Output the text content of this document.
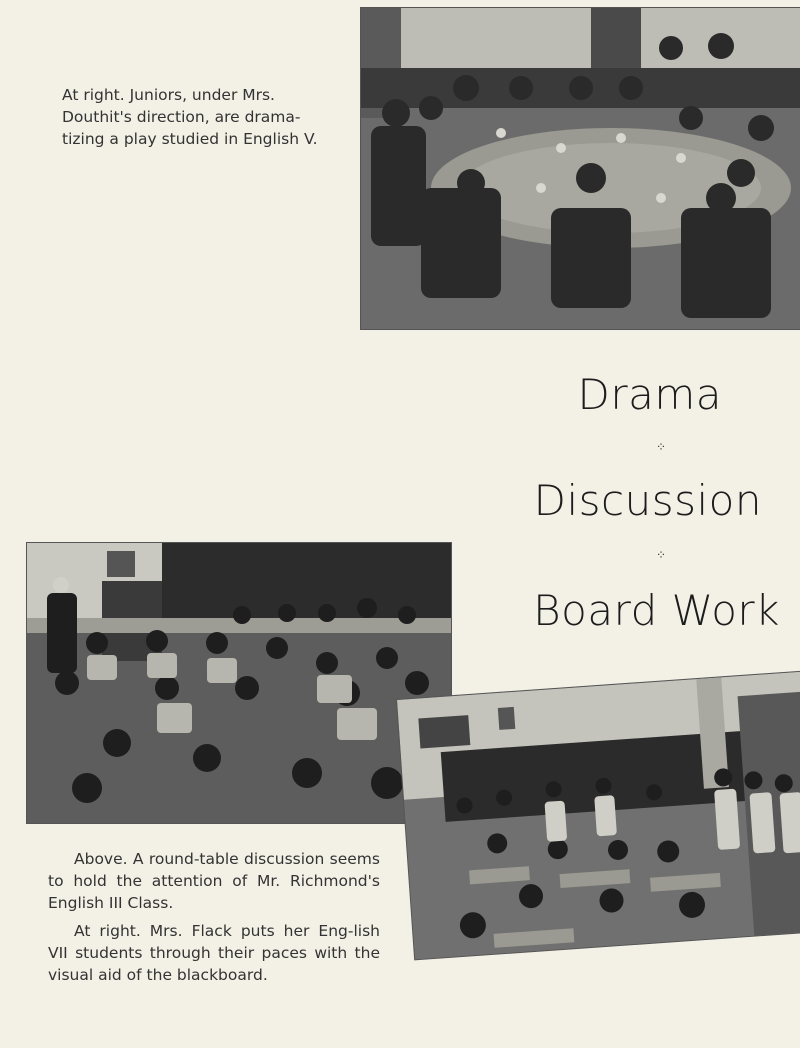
At right. Juniors, under Mrs. Douthit's direction, are drama-tizing a play studied in English V.

Drama
⁘
Discussion
⁘
Board Work

Above. A round-table discussion seems to hold the attention of Mr. Richmond's English III Class.

At right. Mrs. Flack puts her Eng-lish VII students through their paces with the visual aid of the blackboard.
